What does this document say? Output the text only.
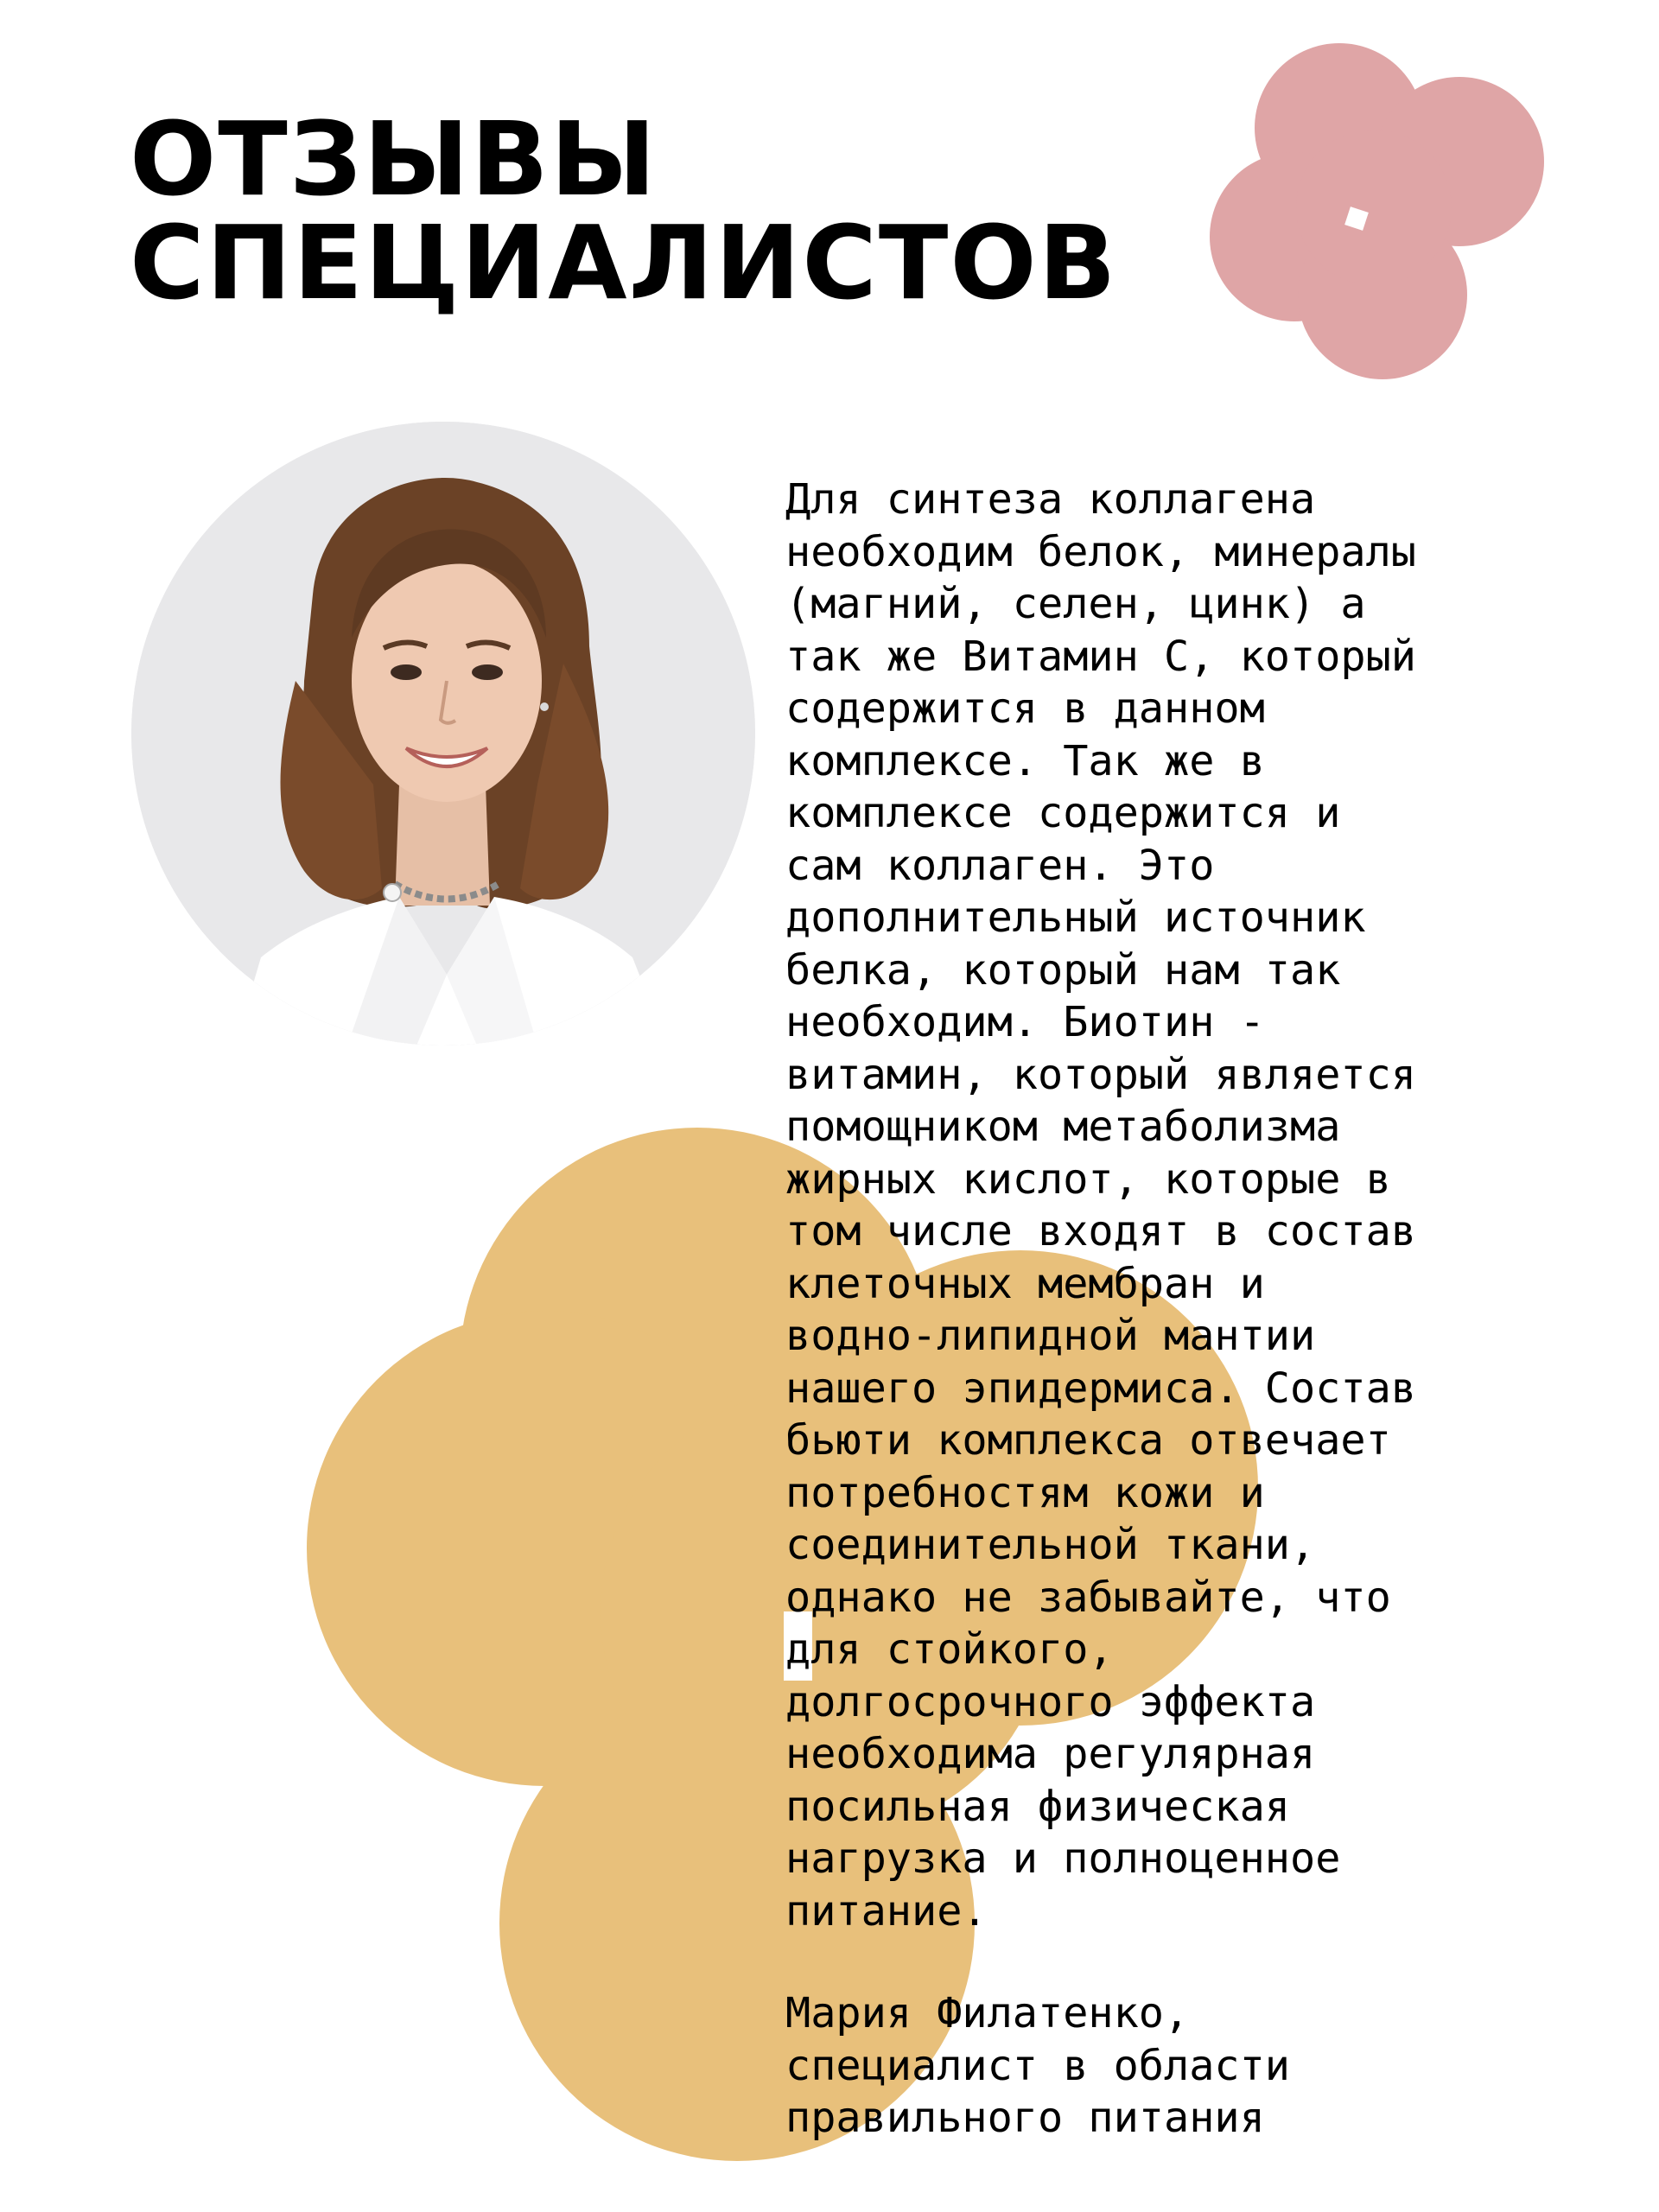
ОТЗЫВЫ
СПЕЦИАЛИСТОВ

Для синтеза коллагена
необходим белок, минералы
(магний, селен, цинк) а
так же Витамин С, который
содержится в данном
комплексе. Так же в
комплексе содержится и
сам коллаген. Это
дополнительный источник
белка, который нам так
необходим. Биотин -
витамин, который является
помощником метаболизма
жирных кислот, которые в
том числе входят в состав
клеточных мембран и
водно-липидной мантии
нашего эпидермиса. Состав
бьюти комплекса отвечает
потребностям кожи и
соединительной ткани,
однако не забывайте, что
для стойкого,
долгосрочного эффекта
необходима регулярная
посильная физическая
нагрузка и полноценное
питание.

Мария Филатенко,
специалист в области
правильного питания
